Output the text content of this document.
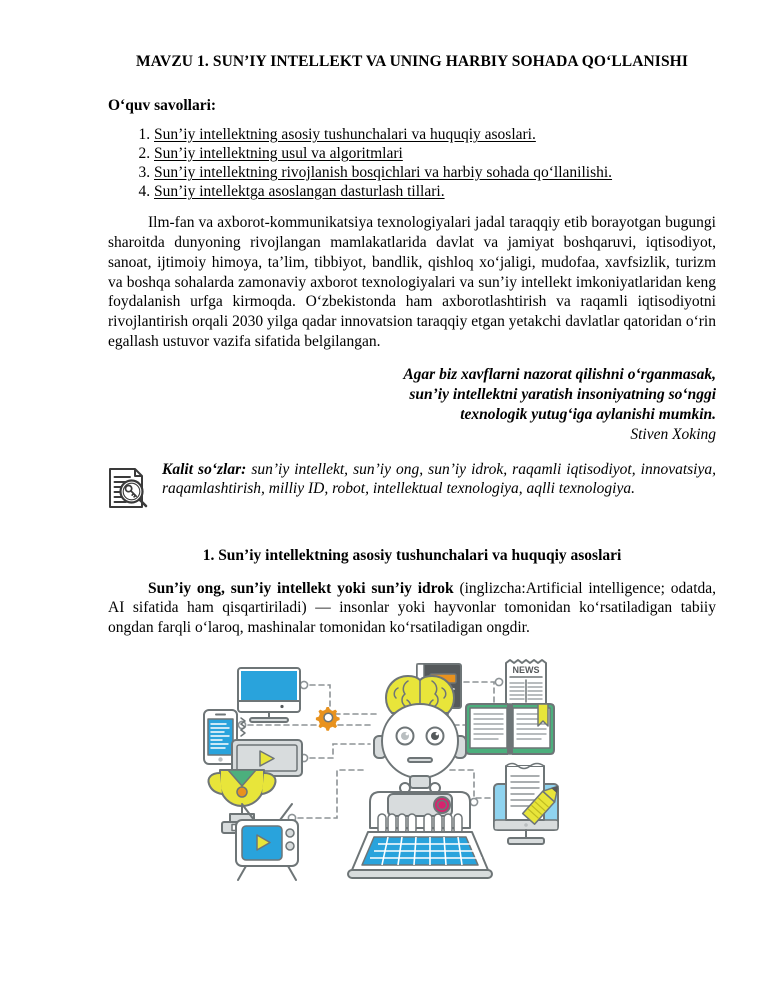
MAVZU 1. SUN’IY INTELLEKT VA UNING HARBIY SOHADA QO‘LLANISHI
O‘quv savollari:
1. Sun’iy intellektning asosiy tushunchalari va huquqiy asoslari.
2. Sun’iy intellektning usul va algoritmlari
3. Sun’iy intellektning rivojlanish bosqichlari va harbiy sohada qo‘llanilishi.
4. Sun’iy intellektga asoslangan dasturlash tillari.

Ilm-fan va axborot-kommunikatsiya texnologiyalari jadal taraqqiy etib borayotgan bugungi sharoitda dunyoning rivojlangan mamlakatlarida davlat va jamiyat boshqaruvi, iqtisodiyot, sanoat, ijtimoiy himoya, ta’lim, tibbiyot, bandlik, qishloq xo‘jaligi, mudofaa, xavfsizlik, turizm va boshqa sohalarda zamonaviy axborot texnologiyalari va sun’iy intellekt imkoniyatlaridan keng foydalanish urfga kirmoqda. O‘zbekistonda ham axborotlashtirish va raqamli iqtisodiyotni rivojlantirish orqali 2030 yilga qadar innovatsion taraqqiy etgan yetakchi davlatlar qatoridan o‘rin egallash ustuvor vazifa sifatida belgilangan.

Agar biz xavflarni nazorat qilishni o‘rganmasak,
sun’iy intellektni yaratish insoniyatning so‘nggi
texnologik yutug‘iga aylanishi mumkin.
Stiven Xoking
Kalit so‘zlar: sun’iy intellekt, sun’iy ong, sun’iy idrok, raqamli iqtisodiyot, innovatsiya, raqamlashtirish, milliy ID, robot, intellektual texnologiya, aqlli texnologiya.
1. Sun’iy intellektning asosiy tushunchalari va huquqiy asoslari

Sun’iy ong, sun’iy intellekt yoki sun’iy idrok (inglizcha:Artificial intelligence; odatda, AI sifatida ham qisqartiriladi) — insonlar yoki hayvonlar tomonidan ko‘rsatiladigan tabiiy ongdan farqli o‘laroq, mashinalar tomonidan ko‘rsatiladigan ongdir.

NEWS
